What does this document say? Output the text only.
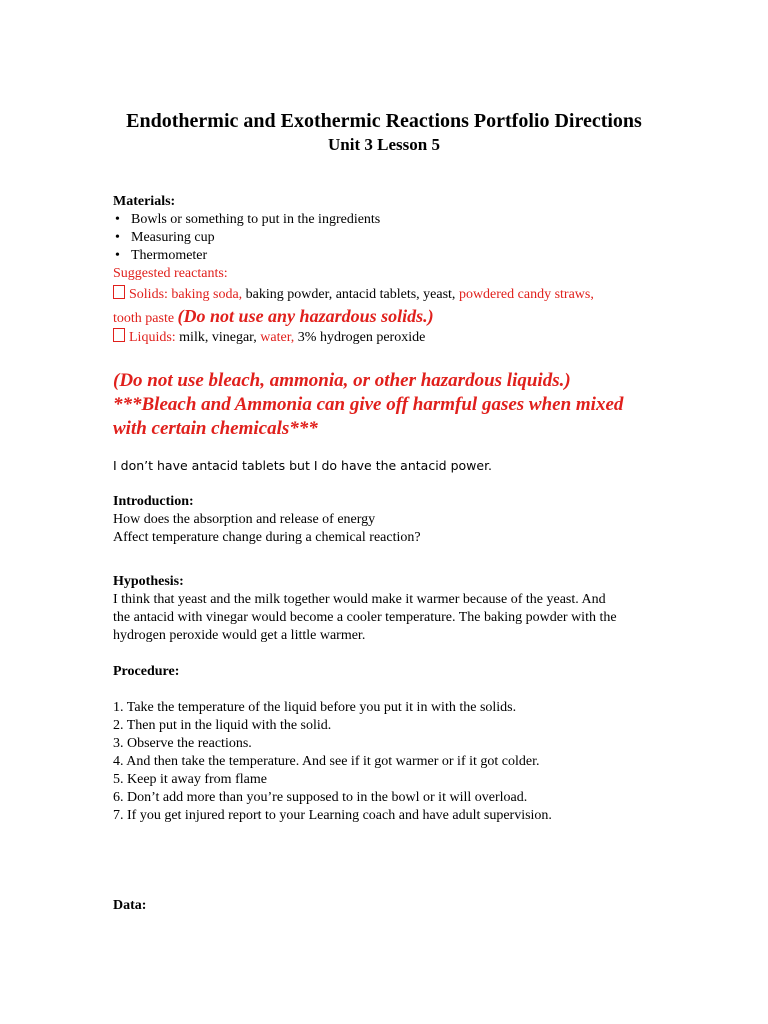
Endothermic and Exothermic Reactions Portfolio Directions
Unit 3 Lesson 5

Materials:

• Bowls or something to put in the ingredients
• Measuring cup
• Thermometer

Suggested reactants:

Solids: baking soda, baking powder, antacid tablets, yeast, powdered candy straws,

tooth paste (Do not use any hazardous solids.)

Liquids: milk, vinegar, water, 3% hydrogen peroxide

(Do not use bleach, ammonia, or other hazardous liquids.)

***Bleach and Ammonia can give off harmful gases when mixed

with certain chemicals***

I don’t have antacid tablets but I do have the antacid power.

Introduction:

How does the absorption and release of energy

Affect temperature change during a chemical reaction?

Hypothesis:

I think that yeast and the milk together would make it warmer because of the yeast. And

the antacid with vinegar would become a cooler temperature. The baking powder with the

hydrogen peroxide would get a little warmer.

Procedure:

1. Take the temperature of the liquid before you put it in with the solids.

2. Then put in the liquid with the solid.

3. Observe the reactions.

4. And then take the temperature. And see if it got warmer or if it got colder.

5. Keep it away from flame

6. Don’t add more than you’re supposed to in the bowl or it will overload.

7. If you get injured report to your Learning coach and have adult supervision.

Data:
